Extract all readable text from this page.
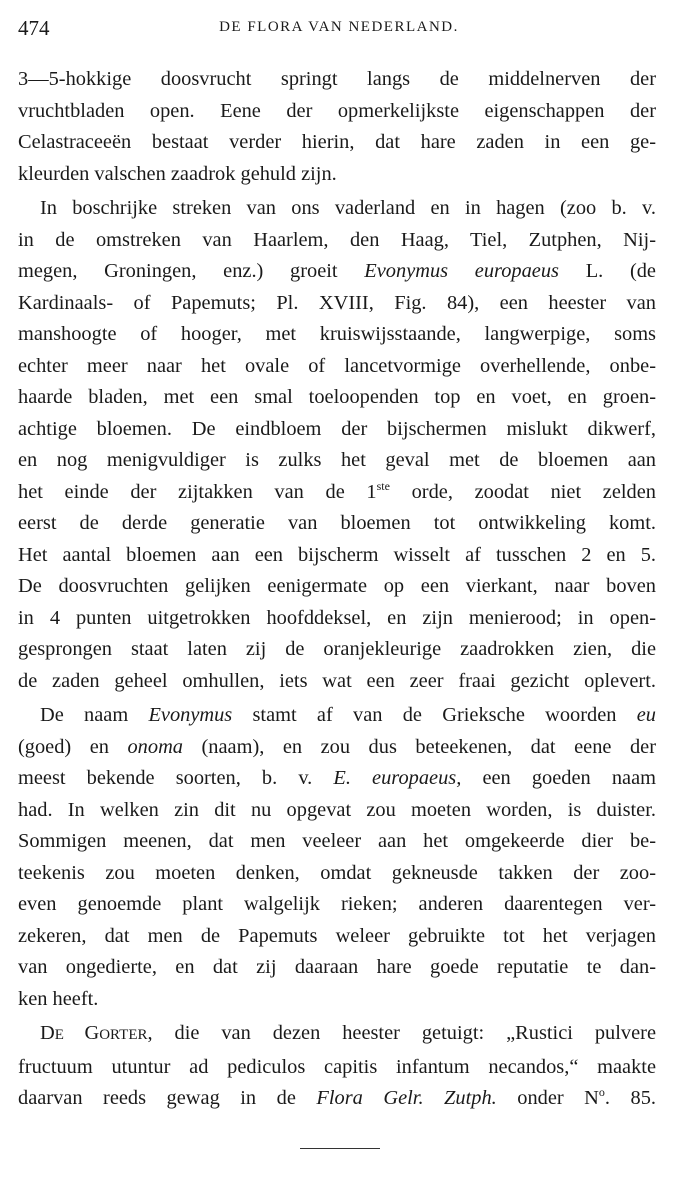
474	DE FLORA VAN NEDERLAND.
3—5-hokkige doosvrucht springt langs de middelnerven der
vruchtbladen open. Eene der opmerkelijkste eigenschappen der
Celastraceeën bestaat verder hierin, dat hare zaden in een ge-
kleurden valschen zaadrok gehuld zijn.
In boschrijke streken van ons vaderland en in hagen (zoo b. v.
in de omstreken van Haarlem, den Haag, Tiel, Zutphen, Nij-
megen, Groningen, enz.) groeit Evonymus europaeus L. (de
Kardinaals- of Papemuts; Pl. XVIII, Fig. 84), een heester van
manshoogte of hooger, met kruiswijsstaande, langwerpige, soms
echter meer naar het ovale of lancetvormige overhellende, onbe-
haarde bladen, met een smal toeloopenden top en voet, en groen-
achtige bloemen. De eindbloem der bijschermen mislukt dikwerf,
en nog menigvuldiger is zulks het geval met de bloemen aan
het einde der zijtakken van de 1ste orde, zoodat niet zelden
eerst de derde generatie van bloemen tot ontwikkeling komt.
Het aantal bloemen aan een bijscherm wisselt af tusschen 2 en 5.
De doosvruchten gelijken eenigermate op een vierkant, naar boven
in 4 punten uitgetrokken hoofddeksel, en zijn menierood; in open-
gesprongen staat laten zij de oranjekleurige zaadrokken zien, die
de zaden geheel omhullen, iets wat een zeer fraai gezicht oplevert.
De naam Evonymus stamt af van de Grieksche woorden eu
(goed) en onoma (naam), en zou dus beteekenen, dat eene der
meest bekende soorten, b. v. E. europaeus, een goeden naam
had. In welken zin dit nu opgevat zou moeten worden, is duister.
Sommigen meenen, dat men veeleer aan het omgekeerde dier be-
teekenis zou moeten denken, omdat gekneusde takken der zoo-
even genoemde plant walgelijk rieken; anderen daarentegen ver-
zekeren, dat men de Papemuts weleer gebruikte tot het verjagen
van ongedierte, en dat zij daaraan hare goede reputatie te dan-
ken heeft.
DE GORTER, die van dezen heester getuigt: „Rustici pulvere
fructuum utuntur ad pediculos capitis infantum necandos,“ maakte
daarvan reeds gewag in de Flora Gelr. Zutph. onder $N^o$. 85.
